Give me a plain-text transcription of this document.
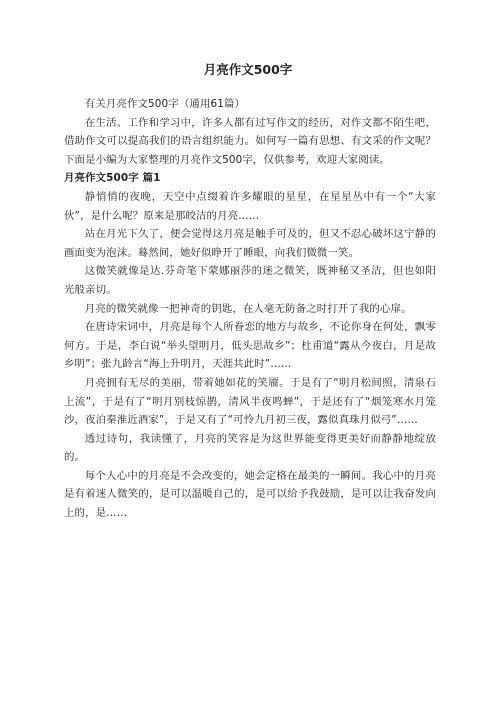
月亮作文500字

有关月亮作文500字（通用61篇）

在生活、工作和学习中，许多人都有过写作文的经历，对作文都不陌生吧，借助作文可以提高我们的语言组织能力。如何写一篇有思想、有文采的作文呢？下面是小编为大家整理的月亮作文500字，仅供参考，欢迎大家阅读。

月亮作文500字 篇1

静悄悄的夜晚，天空中点缀着许多耀眼的星星，在星星丛中有一个“大家伙”，是什么呢？原来是那皎洁的月亮……

站在月光下久了，便会觉得这月亮是触手可及的，但又不忍心破坏这宁静的画面变为泡沫。蓦然间，她好似睁开了睡眼，向我们微微一笑。

这微笑就像是达.芬奇笔下蒙娜丽莎的迷之微笑，既神秘又圣洁，但也如阳光般亲切。

月亮的微笑就像一把神奇的钥匙，在人毫无防备之时打开了我的心扉。

在唐诗宋词中，月亮是每个人所眷恋的地方与故乡，不论你身在何处，飘零何方。于是，李白说“举头望明月，低头思故乡”；杜甫道“露从今夜白，月是故乡明”；张九龄言“海上升明月，天涯共此时”……

月亮拥有无尽的美丽，带着她如花的笑靥。于是有了“明月松间照，清泉石上流”，于是有了“明月别枝惊鹊，清风半夜鸣蝉”，于是还有了“烟笼寒水月笼沙，夜泊秦淮近酒家”，于是又有了“可怜九月初三夜，露似真珠月似弓”……

透过诗句，我读懂了，月亮的笑容是为这世界能变得更美好而静静地绽放的。

每个人心中的月亮是不会改变的，她会定格在最美的一瞬间。我心中的月亮是有着迷人微笑的，是可以温暖自己的，是可以给予我鼓励，是可以让我奋发向上的，是……
